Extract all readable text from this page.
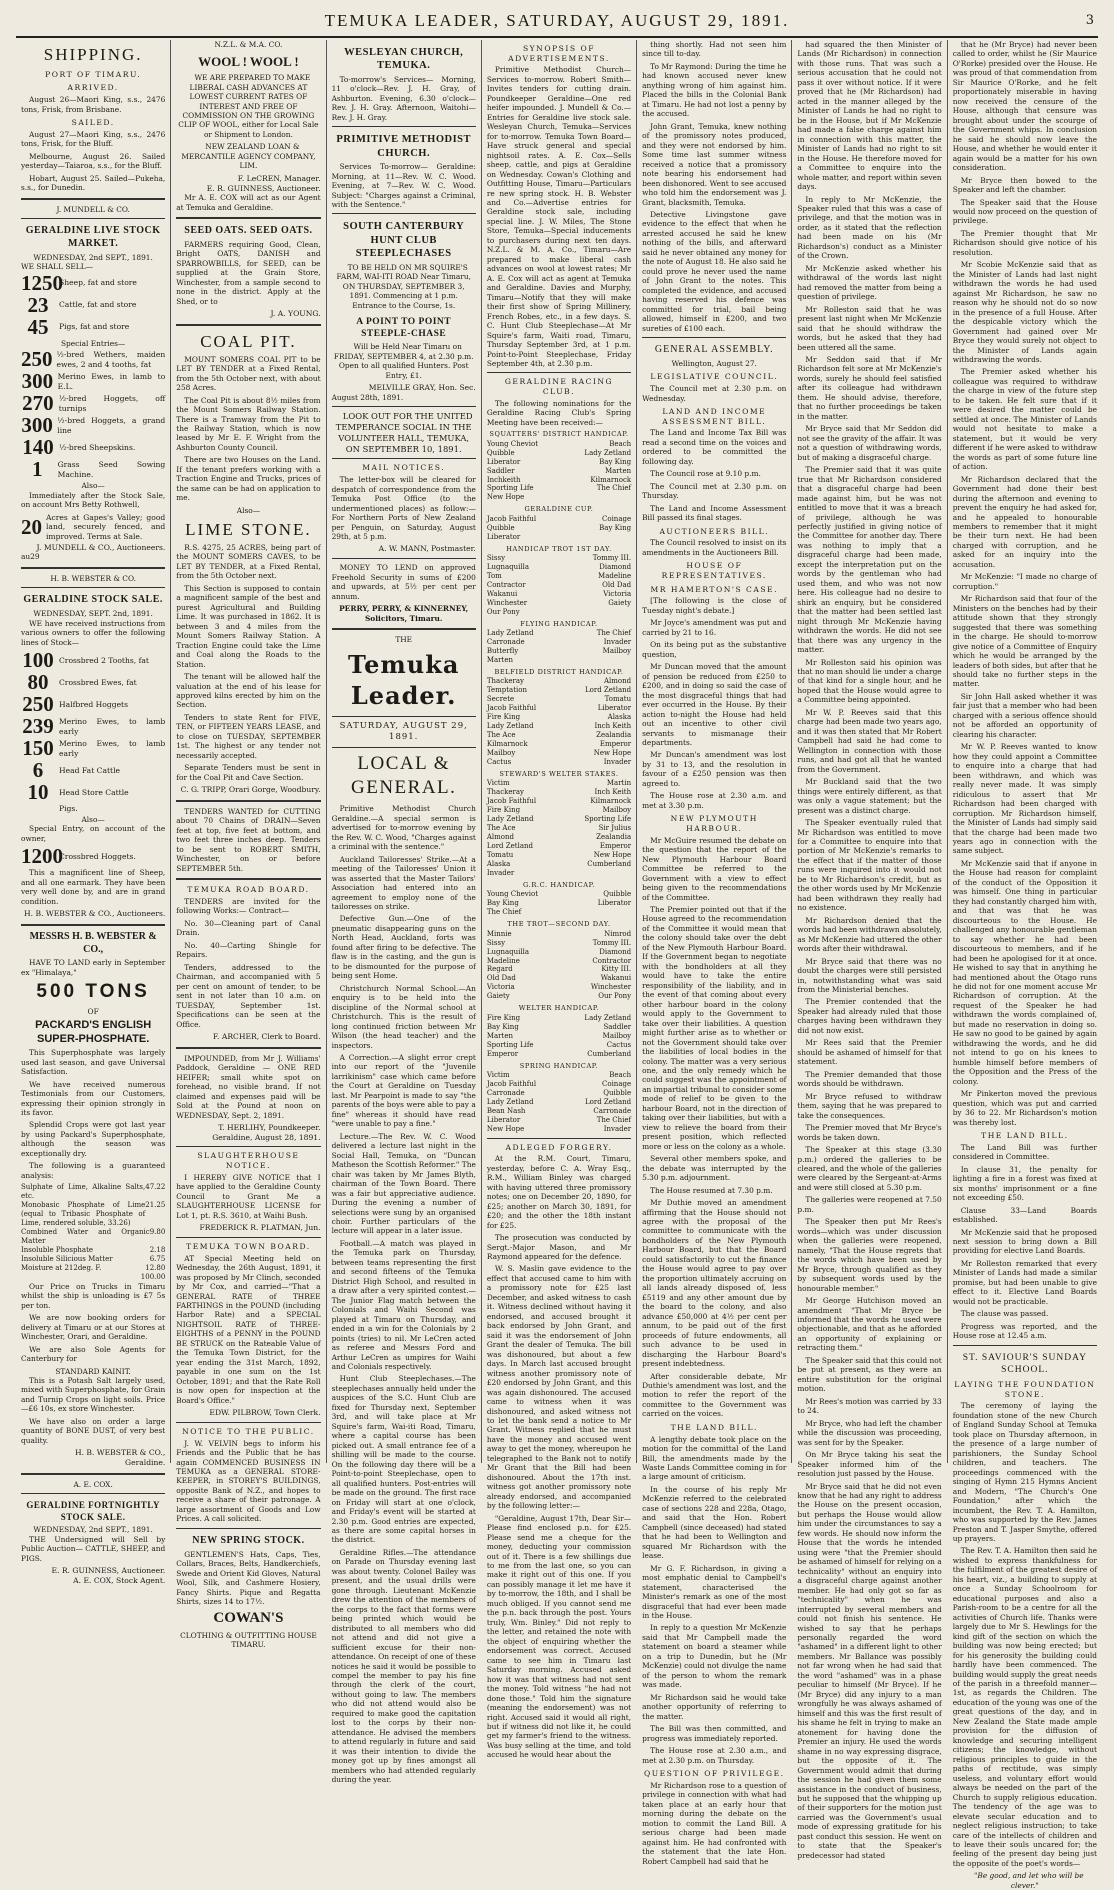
TEMUKA LEADER, SATURDAY, AUGUST 29, 1891.	3
SHIPPING.
PORT OF TIMARU.
ARRIVED.

August 26—Maori King, s.s., 2476 tons, Frisk, from Brisbane.

SAILED.

August 27—Maori King, s.s., 2476 tons, Frisk, for the Bluff.

Melbourne, August 26. Sailed yesterday—Taiaroa, s.s., for the Bluff.

Hobart, August 25. Sailed—Pukeha, s.s., for Dunedin.

J. MUNDELL & CO.
GERALDINE LIVE STOCK MARKET.
WEDNESDAY, 2nd SEPT., 1891.
WE SHALL SELL—
1250
Sheep, fat and store
23	Cattle, fat and store
45	Pigs, fat and store
Special Entries—
250 ½-bred Wethers, maiden ewes, 2 and 4 tooths, fat
300 Merino Ewes, in lamb to E.L.
270 ½-bred Hoggets, off turnips
300 ½-bred Hoggets, a grand line
140 ½-bred Sheepskins.
1	Grass Seed Sowing Machine.
Also—

Immediately after the Stock Sale, on account Mrs Betty Rothwell,

20 Acres at Gapes's Valley; good land, securely fenced, and improved. Terms at Sale.
J. MUNDELL & CO., Auctioneers.
au29
H. B. WEBSTER & CO.
GERALDINE STOCK SALE.
WEDNESDAY, SEPT. 2nd, 1891.

WE have received instructions from various owners to offer the following lines of Stock—

100 Crossbred 2 Tooths, fat
80	Crossbred Ewes, fat
250 Halfbred Hoggets
239 Merino Ewes, to lamb early
150 Merino Ewes, to lamb early
6	Head Fat Cattle
10	Head Store Cattle
Pigs.
Also—

Special Entry, on account of the owner,

1200
Crossbred Hoggets.

This a magnificent line of Sheep, and all one earmark. They have been very well done by, and are in grand condition.

H. B. WEBSTER & CO., Auctioneers.
MESSRS H. B. WEBSTER & CO.,

HAVE TO LAND early in September ex "Himalaya,"

500 TONS
OF
PACKARD'S ENGLISH SUPER-PHOSPHATE.

This Superphosphate was largely used last season, and gave Universal Satisfaction.

We have received numerous Testimonials from our Customers, expressing their opinion strongly in its favor.

Splendid Crops were got last year by using Packard's Superphosphate, although the season was exceptionally dry.

The following is a guaranteed analysis:

Sulphate of Lime, Alkaline Salts, etc.
47.22
Monobasic Phosphate of Lime (equal to Tribasic Phosphate of Lime, rendered soluble, 33.26)
21.25
Combined Water and Organic Matter
9.80
Insoluble Phosphate	2.18
Insoluble Silicious Matter	6.75
Moisture at 212deg. F.	12.80
100.00

Our Price on Trucks in Timaru whilst the ship is unloading is £7 5s per ton.

We are now booking orders for delivery at Timaru or at our Stores at Winchester, Orari, and Geraldine.

We are also Sole Agents for Canterbury for

STANDARD KAINIT.

This is a Potash Salt largely used, mixed with Superphosphate, for Grain and Turnip Crops on light soils. Price—£6 10s, ex store Winchester.

We have also on order a large quantity of BONE DUST, of very best quality.

H. B. WEBSTER & CO.,
Geraldine.
A. E. COX.
GERALDINE FORTNIGHTLY STOCK SALE.
WEDNESDAY, 2nd SEPT., 1891.

THE Undersigned will Sell by Public Auction— CATTLE, SHEEP, and PIGS.

E. R. GUINNESS, Auctioneer.
A. E. COX, Stock Agent.
N.Z.L. & M.A. CO.
WOOL ! WOOL !

WE ARE PREPARED TO MAKE LIBERAL CASH ADVANCES AT LOWEST CURRENT RATES OF INTEREST AND FREE OF COMMISSION ON THE GROWING CLIP OF WOOL, either for Local Sale or Shipment to London.

NEW ZEALAND LOAN & MERCANTILE AGENCY COMPANY, LIM.

F. LeCREN, Manager.
E. R. GUINNESS, Auctioneer.

Mr A. E. COX will act as our Agent at Temuka and Geraldine.

SEED OATS. SEED OATS.

FARMERS requiring Good, Clean, Bright OATS, DANISH and SPARROWBILLS, for SEED, can be supplied at the Grain Store, Winchester, from a sample second to none in the district. Apply at the Shed, or to

J. A. YOUNG.
COAL PIT.

MOUNT SOMERS COAL PIT to be LET BY TENDER at a Fixed Rental, from the 5th October next, with about 258 Acres.

The Coal Pit is about 8½ miles from the Mount Somers Railway Station. There is a Tramway from the Pit to the Railway Station, which is now leased by Mr E. F. Wright from the Ashburton County Council.

There are two Houses on the Land. If the tenant prefers working with a Traction Engine and Trucks, prices of the same can be had on application to me.

Also—
LIME STONE.

R.S. 4275, 25 ACRES, being part of the MOUNT SOMERS CAVES, to be LET BY TENDER, at a Fixed Rental, from the 5th October next.

This Section is supposed to contain a magnificent sample of the best and purest Agricultural and Building Lime. It was purchased in 1862. It is between 3 and 4 miles from the Mount Somers Railway Station. A Traction Engine could take the Lime and Coal along the Roads to the Station.

The tenant will be allowed half the valuation at the end of his lease for approved kilns erected by him on the Section.

Tenders to state Rent for FIVE, TEN, or FIFTEEN YEARS LEASE, and to close on TUESDAY, SEPTEMBER 1st. The highest or any tender not necessarily accepted.

Separate Tenders must be sent in for the Coal Pit and Cave Section.

C. G. TRIPP, Orari Gorge, Woodbury.

TENDERS WANTED for CUTTING about 70 Chains of DRAIN—Seven feet at top, five feet at bottom, and two feet three inches deep. Tenders to be sent to ROBERT SMITH, Winchester, on or before SEPTEMBER 5th.

TEMUKA ROAD BOARD.

TENDERS are invited for the following Works:— Contract—

No. 30—Cleaning part of Canal Drain.

No. 40—Carting Shingle for Repairs.

Tenders, addressed to the Chairman, and accompanied with 5 per cent on amount of tender, to be sent in not later than 10 a.m. on TUESDAY, September 1st. Specifications can be seen at the Office.

F. ARCHER, Clerk to Board.

IMPOUNDED, from Mr J. Williams' Paddock, Geraldine — ONE RED HEIFER; small white spot on forehead, no visible brand. If not claimed and expenses paid will be Sold at the Pound at noon on WEDNESDAY, Sept. 2, 1891.

T. HERLIHY, Poundkeeper. Geraldine, August 28, 1891.
SLAUGHTERHOUSE NOTICE.

I HEREBY GIVE NOTICE that I have applied to the Geraldine County Council to Grant Me a SLAUGHTERHOUSE LICENSE for Lot 1, pt. R.S. 3610, at Waihi Bush.

FREDERICK R. PLATMAN, Jun.
TEMUKA TOWN BOARD.

AT Special Meeting held on Wednesday, the 26th August, 1891, it was proposed by Mr Clinch, seconded by Mr Cox, and carried—"That a GENERAL RATE of THREE FARTHINGS in the POUND (including Harbor Rate) and a SPECIAL NIGHTSOIL RATE of THREE-EIGHTHS of a PENNY in the POUND BE STRUCK on the Rateable Value of the Temuka Town District, for the year ending the 31st March, 1892, payable in one sum on the 1st October, 1891; and that the Rate Roll is now open for inspection at the Board's Office."

EDW. PILBROW, Town Clerk.
NOTICE TO THE PUBLIC.

J. W. VELVIN begs to inform his Friends and the Public that he has again COMMENCED BUSINESS IN TEMUKA as a GENERAL STORE-KEEPER, in STOREY'S BUILDINGS, opposite Bank of N.Z., and hopes to receive a share of their patronage. A large assortment of Goods and Low Prices. A call solicited.

NEW SPRING STOCK.

GENTLEMEN'S Hats, Caps, Ties, Collars, Braces, Belts, Handkerchiefs, Swede and Orient Kid Gloves, Natural Wool, Silk, and Cashmere Hosiery, Fancy Shirts. Pique and Regatta Shirts, sizes 14 to 17½.

COWAN'S
CLOTHING & OUTFITTING HOUSE
TIMARU.
WESLEYAN CHURCH, TEMUKA.

To-morrow's Services— Morning, 11 o'clock—Rev. J. H. Gray, of Ashburton. Evening, 6.30 o'clock—Rev. J. H. Gray. Afternoon, Waitohi—Rev. J. H. Gray.

PRIMITIVE METHODIST CHURCH.

Services To-morrow— Geraldine: Morning, at 11—Rev. W. C. Wood. Evening, at 7—Rev. W. C. Wood. Subject: "Charges against a Criminal, with the Sentence."

SOUTH CANTERBURY HUNT CLUB STEEPLECHASES

TO BE HELD ON MR SQUIRE'S FARM, WAI-ITI ROAD Near Timaru, ON THURSDAY, SEPTEMBER 3, 1891. Commencing at 1 p.m. Entrance to the Course, 1s.

A POINT TO POINT STEEPLE-CHASE

Will be Held Near Timaru on FRIDAY, SEPTEMBER 4, at 2.30 p.m. Open to all qualified Hunters. Post Entry, £1.

MELVILLE GRAY, Hon. Sec.
August 28th, 1891.

LOOK OUT FOR THE UNITED TEMPERANCE SOCIAL IN THE VOLUNTEER HALL, TEMUKA, ON SEPTEMBER 10, 1891.

MAIL NOTICES.

The letter-box will be cleared for despatch of correspondence from the Temuka Post Office (to the undermentioned places) as follow:— For Northern Ports of New Zealand per Penguin, on Saturday, August 29th, at 5 p.m.

A. W. MANN, Postmaster.

MONEY TO LEND on approved Freehold Security in sums of £200 and upwards, at 5½ per cent per annum.

PERRY, PERRY, & KINNERNEY, Solicitors, Timaru.
THE
Temuka Leader.
SATURDAY, AUGUST 29, 1891.
LOCAL & GENERAL.

Primitive Methodist Church Geraldine.—A special sermon is advertised for to-morrow evening by the Rev. W. C. Wood, "Charges against a criminal with the sentence."

Auckland Tailoresses' Strike.—At a meeting of the Tailoresses' Union it was asserted that the Master Tailors' Association had entered into an agreement to employ none of the tailoresses on strike.

Defective Gun.—One of the pneumatic disappearing guns on the North Head, Auckland, forts was found after firing to be defective. The flaw is in the casting, and the gun is to be dismounted for the purpose of being sent Home.

Christchurch Normal School.—An enquiry is to be held into the discipline of the Normal school at Christchurch. This is the result of long continued friction between Mr Wilson (the head teacher) and the inspectors.

A Correction.—A slight error crept into our report of the "Juvenile larrikinism" case which came before the Court at Geraldine on Tuesday last. Mr Pearpoint is made to say "the parents of the boys were able to pay a fine" whereas it should have read "were unable to pay a fine."

Lecture.—The Rev. W. C. Wood delivered a lecture last night in the Social Hall, Temuka, on "Duncan Matheson the Scottish Reformer." The chair was taken by Mr James Blyth, chairman of the Town Board. There was a fair but appreciative audience. During the evening a number of selections were sung by an organised choir. Further particulars of the lecture will appear in a later issue.

Football.—A match was played in the Temuka park on Thursday, between teams representing the first and second fifteens of the Temuka District High School, and resulted in a draw after a very spirited contest.—The Junior Flag match between the Colonials and Waihi Second was played at Timaru on Thursday, and ended in a win for the Colonials by 2 points (tries) to nil. Mr LeCren acted as referee and Messrs Ford and Arthur LeCren as umpires for Waihi and Colonials respectively.

Hunt Club Steeplechases.—The steeplechases annually held under the auspices of the S.C. Hunt Club are fixed for Thursday next, September 3rd, and will take place at Mr Squire's farm, Wai-iti Road, Timaru, where a capital course has been picked out. A small entrance fee of a shilling will be made to the course. On the following day there will be a Point-to-point Steeplechase, open to all qualified hunters. Post-entries will be made on the ground. The first race on Friday will start at one o'clock, and Friday's event will be started at 2.30 p.m. Good entries are expected, as there are some capital horses in the district.

Geraldine Rifles.—The attendance on Parade on Thursday evening last was about twenty. Colonel Bailey was present, and the usual drills were gone through. Lieutenant McKenzie drew the attention of the members of the corps to the fact that forms were being printed which would be distributed to all members who did not attend and did not give a sufficient excuse for their non-attendance. On receipt of one of these notices he said it would be possible to compel the member to pay his fine through the clerk of the court, without going to law. The members who did not attend would also be required to make good the capitation lost to the corps by their non-attendance. He advised the members to attend regularly in future and said it was their intention to divide the money got up by fines amongst all members who had attended regularly during the year.

SYNOPSIS OF ADVERTISEMENTS.

Primitive Methodist Church—Services to-morrow. Robert Smith—Invites tenders for cutting drain. Poundkeeper Geraldine—One red heifer impounded. J. Mundell & Co.—Entries for Geraldine live stock sale. Wesleyan Church, Temuka—Services for to-morrow. Temuka Town Board—Have struck general and special nightsoil rates. A. E. Cox—Sells sheep, cattle, and pigs at Geraldine on Wednesday. Cowan's Clothing and Outfitting House, Timaru—Particulars re new spring stock. H. B. Webster and Co.—Advertise entries for Geraldine stock sale, including special line. J. W. Miles, The Stone Store, Temuka—Special inducements to purchasers during next ten days. N.Z.L. & M. A. Co., Timaru—Are prepared to make liberal cash advances on wool at lowest rates; Mr A. E. Cox will act as agent at Temuka and Geraldine. Davies and Murphy, Timaru—Notify that they will make their first show of Spring Millinery, French Robes, etc., in a few days. S. C. Hunt Club Steeplechase—At Mr Squire's farm, Waiti road, Timaru, Thursday September 3rd, at 1 p.m. Point-to-Point Steeplechase, Friday September 4th, at 2.30 p.m.

GERALDINE RACING CLUB.

The following nominations for the Geraldine Racing Club's Spring Meeting have been received:—

SQUATTERS' DISTRICT HANDICAP.
Young Cheviot	Beach
Quibble	Lady Zetland
Liberator	Bay King
Saddler	Marten
Inchkeith	Kilmarnock
Sporting Life	The Chief
New Hope	
GERALDINE CUP.
Jacob Faithful	Coinage
Quibble	Bay King
Liberator	
HANDICAP TROT 1ST DAY.
Sissy	Tommy III.
Lugnaquilla	Diamond
Tom	Madeline
Contractor	Old Dad
Wakanui	Victoria
Winchester	Gaiety
Our Pony	
FLYING HANDICAP.
Lady Zetland	The Chief
Carronade	Invader
Butterfly	Mailboy
Marten	
BELFIELD DISTRICT HANDICAP.
Thackeray	Almond
Temptation	Lord Zetland
Secrete	Tomatu
Jacob Faithful	Liberator
Fire King	Alaska
Lady Zetland	Inch Keith
The Ace	Zealandia
Kilmarnock	Emperor
Mailboy	New Hope
Cactus	Invader
STEWARD'S WELTER STAKES.
Victim	Martin
Thackeray	Inch Keith
Jacob Faithful	Kilmarnock
Fire King	Mailboy
Lady Zetland	Sporting Life
The Ace	Sir Julius
Almond	Zealandia
Lord Zetland	Emperor
Tomatu	New Hope
Alaska	Cumberland
Invader	
G.R.C. HANDICAP.
Young Cheviot	Quibble
Bay King	Liberator
The Chief	
THE TROT—SECOND DAY.
Minnie	Nimrod
Sissy	Tommy III.
Lugnaquilla	Diamond
Madeline	Contractor
Regard	Kitty III.
Old Dad	Wakanui
Victoria	Winchester
Gaiety	Our Pony
WELTER HANDICAP.
Fire King	Lady Zetland
Bay King	Saddler
Marten	Mailboy
Sporting Life	Cactus
Emperor	Cumberland
SPRING HANDICAP.
Victim	Beach
Jacob Faithful	Coinage
Carronade	Quibble
Lady Zetland	Lord Zetland
Bean Nash	Carronade
Liberator	The Chief
New Hope	Invader
ADLEGED FORGERY.

At the R.M. Court, Timaru, yesterday, before C. A. Wray Esq., R.M., William Binley was charged with having uttered three promissory notes; one on December 20, 1890, for £25; another on March 30, 1891, for £20; and the other the 18th instant for £25.

The prosecution was conducted by Sergt.-Major Mason, and Mr Raymond appeared for the defence.

W. S. Maslin gave evidence to the effect that accused came to him with a promissory note for £25 last December, and asked witness to cash it. Witness declined without having it endorsed, and accused brought it back endorsed by John Grant, and said it was the endorsement of John Grant the dealer of Temuka. The bill was dishonoured, but about a few days. In March last accused brought witness another promissory note of £20 endorsed by John Grant, and this was again dishonoured. The accused came to witness when it was dishonoured, and asked witness not to let the bank send a notice to Mr Grant. Witness replied that he must have the money and accused went away to get the money, whereupon he telegraphed to the Bank not to notify Mr Grant that the Bill had been dishonoured. About the 17th inst. witness got another promissory note already endorsed, and accompanied by the following letter:—

"Geraldine, August 17th, Dear Sir—Please find enclosed p.n. for £25. Please send me a cheque for the money, deducting your commission out of it. There is a few shillings due to me from the last one, so you can make it right out of this one. If you can possibly manage it let me have it by to-morrow, the 18th, and I shall be much obliged. If you cannot send me the p.n. back through the post. Yours truly, Wm. Binley." Did not reply to the letter, and retained the note with the object of enquiring whether the endorsement was correct. Accused came to see him in Timaru last Saturday morning. Accused asked how it was that witness had not sent the money. Told witness "he had not done those." Told him the signature (meaning the endorsement) was not right. Accused said it would all right, but if witness did not like it, he could get my farmer's friend to the witness. Was busy selling at the time, and told accused he would hear about the

thing shortly. Had not seen him since till to-day.

To Mr Raymond: During the time he had known accused never knew anything wrong of him against him. Placed the bills in the Colonial Bank at Timaru. He had not lost a penny by the accused.

John Grant, Temuka, knew nothing of the promissory notes produced, and they were not endorsed by him. Some time last summer witness received a notice that a promissory note bearing his endorsement had been dishonored. Went to see accused who told him the endorsement was J. Grant, blacksmith, Temuka.

Detective Livingstone gave evidence to the effect that when he arrested accused he said he knew nothing of the bills, and afterward said he never obtained any money for the note of August 18. He also said he could prove he never used the name of John Grant to the notes. This completed the evidence, and accused having reserved his defence was committed for trial, bail being allowed, himself in £200, and two sureties of £100 each.

GENERAL ASSEMBLY.
Wellington, August 27.
LEGISLATIVE COUNCIL.

The Council met at 2.30 p.m. on Wednesday.

LAND AND INCOME ASSESSMENT BILL.

The Land and Income Tax Bill was read a second time on the voices and ordered to be committed the following day.

The Council rose at 9.10 p.m.

The Council met at 2.30 p.m. on Thursday.

The Land and Income Assessment Bill passed its final stages.

AUCTIONEERS BILL.

The Council resolved to insist on its amendments in the Auctioneers Bill.

HOUSE OF REPRESENTATIVES.
MR HAMERTON'S CASE.

[The following is the close of Tuesday night's debate.]

Mr Joyce's amendment was put and carried by 21 to 16.

On its being put as the substantive question,

Mr Duncan moved that the amount of pension be reduced from £250 to £200, and in doing so said the case of the most disgraceful things that had ever occurred in the House. By their action to-night the House had held out an incentive to other civil servants to mismanage their departments.

Mr Duncan's amendment was lost by 31 to 13, and the resolution in favour of a £250 pension was then agreed to.

The House rose at 2.30 a.m. and met at 3.30 p.m.

NEW PLYMOUTH HARBOUR.

Mr McGuire resumed the debate on the question that the report of the New Plymouth Harbour Board Committee be referred to the Government with a view to effect being given to the recommendations of the Committee.

The Premier pointed out that if the House agreed to the recommendation of the Committee it would mean that the colony should take over the debt of the New Plymouth Harbour Board. If the Government began to negotiate with the bondholders at all they would have to take the entire responsibility of the liability, and in the event of that coming about every other harbour board in the colony would apply to the Government to take over their liabilities. A question might further arise as to whether or not the Government should take over the liabilities of local bodies in the colony. The matter was a very serious one, and the only remedy which he could suggest was the appointment of an impartial tribunal to consider some mode of relief to be given to the harbour Board, not in the direction of taking over their liabilities, but with a view to relieve the board from their present position, which reflected more or less on the colony as a whole.

Several other members spoke, and the debate was interrupted by the 5.30 p.m. adjournment.

The House resumed at 7.30 p.m.

Mr Duthie moved an amendment affirming that the House should not agree with the proposal of the committee to communicate with the bondholders of the New Plymouth Harbour Board, but that the Board could satisfactorily to cut the finance the House would agree to pay over the proportion ultimately accruing on all lands already disposed of, less £5119 and any other amount due by the board to the colony, and also advance £50,000 at 4½ per cent per annum, to be paid out of the first proceeds of future endowments, all such advance to be used in discharging the Harbour Board's present indebtedness.

After considerable debate, Mr Duthie's amendment was lost, and the motion to refer the report of the committee to the Government was carried on the voices.

THE LAND BILL.

A lengthy debate took place on the motion for the committal of the Land Bill, the amendments made by the Waste Lands Committee coming in for a large amount of criticism.

In the course of his reply Mr McKenzie referred to the celebrated case of sections 228 and 228a, Otago, and said that the Hon. Robert Campbell (since deceased) had stated that he had been to Wellington and squared Mr Richardson with the lease.

Mr G. F. Richardson, in giving a most emphatic denial to Campbell's statement, characterised the Minister's remark as one of the most disgraceful that had ever been made in the House.

In reply to a question Mr McKenzie said that Mr Campbell made the statement on board a steamer while on a trip to Dunedin, but he (Mr McKenzie) could not divulge the name of the person to whom the remark was made.

Mr Richardson said he would take another opportunity of referring to the matter.

The Bill was then committed, and progress was immediately reported.

The House rose at 2.30 a.m., and met at 2.30 p.m. on Thursday.

QUESTION OF PRIVILEGE.

Mr Richardson rose to a question of privilege in connection with what had taken place at an early hour that morning during the debate on the motion to commit the Land Bill. A serious charge had been made against him. He had confronted with the statement that the late Hon. Robert Campbell had said that he

had squared the then Minister of Lands (Mr Richardson) in connection with those runs. That was such a serious accusation that he could not pass it over without notice. If it were proved that he (Mr Richardson) had acted in the manner alleged by the Minister of Lands he had no right to be in the House, but if Mr McKenzie had made a false charge against him in connection with this matter, the Minister of Lands had no right to sit in the House. He therefore moved for a Committee to enquire into the whole matter, and report within seven days.

In reply to Mr McKenzie, the Speaker ruled that this was a case of privilege, and that the motion was in order, as it stated that the reflection had been made on his (Mr Richardson's) conduct as a Minister of the Crown.

Mr McKenzie asked whether his withdrawal of the words last night had removed the matter from being a question of privilege.

Mr Rolleston said that he was present last night when Mr McKenzie said that he should withdraw the words, but he asked that they had been uttered all the same.

Mr Seddon said that if Mr Richardson felt sore at Mr McKenzie's words, surely he should feel satisfied after its colleague had withdrawn them. He should advise, therefore, that no further proceedings be taken in the matter.

Mr Bryce said that Mr Seddon did not see the gravity of the affair. It was not a question of withdrawing words, but of making a disgraceful charge.

The Premier said that it was quite true that Mr Richardson considered that a disgraceful charge had been made against him, but he was not entitled to move that it was a breach of privilege, although he was perfectly justified in giving notice of the Committee for another day. There was nothing to imply that a disgraceful charge had been made, except the interpretation put on the words by the gentleman who had used them, and who was not now here. His colleague had no desire to shirk an enquiry, but he considered that the matter had been settled last night through Mr McKenzie having withdrawn the words. He did not see that there was any urgency in the matter.

Mr Rolleston said his opinion was that no man should lie under a charge of that kind for a single hour, and he hoped that the House would agree to a Committee being appointed.

Mr W. P. Reeves said that this charge had been made two years ago, and it was then stated that Mr Robert Campbell had said he had come to Wellington in connection with those runs, and had got all that he wanted from the Government.

Mr Buckland said that the two things were entirely different, as that was only a vague statement; but the present was a distinct charge.

The Speaker eventually ruled that Mr Richardson was entitled to move for a Committee to enquire into that portion of Mr McKenzie's remarks to the effect that if the matter of those runs were inquired into it would not be to Mr Richardson's credit, but as the other words used by Mr McKenzie had been withdrawn they really had no existence.

Mr Richardson denied that the words had been withdrawn absolutely, as Mr McKenzie had uttered the other words after their withdrawal.

Mr Bryce said that there was no doubt the charges were still persisted in, notwithstanding what was said from the Ministerial benches.

The Premier contended that the Speaker had already ruled that those charges having been withdrawn they did not now exist.

Mr Rees said that the Premier should be ashamed of himself for that statement.

The Premier demanded that those words should be withdrawn.

Mr Bryce refused to withdraw them, saying that he was prepared to take the consequences.

The Premier moved that Mr Bryce's words be taken down.

The Speaker at this stage (3.30 p.m.) ordered the galleries to be cleared, and the whole of the galleries were cleared by the Sergeant-at-Arms and were still closed at 5.30 p.m.

The galleries were reopened at 7.50 p.m.

The Speaker then put Mr Rees's words—which was under discussion when the galleries were reopened, namely, "That the House regrets that the words which have been used by Mr Bryce, through qualified as they by subsequent words used by the honourable member."

Mr George Hutchison moved an amendment "That Mr Bryce be informed that the words he used were objectionable, and that as he afforded an opportunity of explaining or retracting them."

The Speaker said that this could not be put at present, as they were an entire substitution for the original motion.

Mr Rees's motion was carried by 33 to 24.

Mr Bryce, who had left the chamber while the discussion was proceeding, was sent for by the Speaker.

On Mr Bryce taking his seat the Speaker informed him of the resolution just passed by the House.

Mr Bryce said that he did not even know that he had any right to address the House on the present occasion, but perhaps the House would allow him under the circumstances to say a few words. He should now inform the House that the words he intended using were "that the Premier should be ashamed of himself for relying on a technicality" without an enquiry into a disgraceful charge against another member. He had only got so far as "technicality" when he was interrupted by several members and could not finish his sentence. He wished to say that he perhaps personally regarded the word "ashamed" in a different light to other members. Mr Ballance was possibly not far wrong when he had said that the word "ashamed" was in a phase peculiar to himself (Mr Bryce). If he (Mr Bryce) did any injury to a man wrongfully he was always ashamed of himself and this was the first result of his shame he felt in trying to make an atonement for having done the Premier an injury. He used the words shame in no way expressing disgrace, but the opposite of it. The Government would admit that during the session he had given them some assistance in the conduct of business, but he supposed that the whipping up of their supporters for the motion just carried was the Government's usual mode of expressing gratitude for his past conduct this session. He went on to state that the Speaker's predecessor had stated

that he (Mr Bryce) had never been called to order, whilst he (Sir Maurice O'Rorke) presided over the House. He was proud of that commendation from Sir Maurice O'Rorke, and he felt proportionately miserable in having now received the censure of the House, although that censure was brought about under the scourge of the Government whips. In conclusion he said he should now leave the House, and whether he would enter it again would be a matter for his own consideration.

Mr Bryce then bowed to the Speaker and left the chamber.

The Speaker said that the House would now proceed on the question of privilege.

The Premier thought that Mr Richardson should give notice of his resolution.

Mr Scobie McKenzie said that as the Minister of Lands had last night withdrawn the words he had used against Mr Richardson, he saw no reason why he should not do so now in the presence of a full House. After the despicable victory which the Government had gained over Mr Bryce they would surely not object to the Minister of Lands again withdrawing the words.

The Premier asked whether his colleague was required to withdraw the charge in view of the future step to be taken. He felt sure that if it were desired the matter could be settled at once. The Minister of Lands would not hesitate to make a statement, but it would be very different if he were asked to withdraw the words as part of some future line of action.

Mr Richardson declared that the Government had done their best during the afternoon and evening to prevent the enquiry he had asked for, and he appealed to honourable members to remember that it might be their turn next. He had been charged with corruption, and he asked for an inquiry into the accusation.

Mr McKenzie: "I made no charge of corruption."

Mr Richardson said that four of the Ministers on the benches had by their attitude shown that they strongly suggested that there was something in the charge. He should to-morrow give notice of a Committee of Enquiry which he would be arranged by the leaders of both sides, but after that he should take no further steps in the matter.

Sir John Hall asked whether it was fair just that a member who had been charged with a serious offence should not be afforded an opportunity of clearing his character.

Mr W. P. Reeves wanted to know how they could appoint a Committee to enquire into a charge that had been withdrawn, and which was really never made. It was simply ridiculous to assert that Mr Richardson had been charged with corruption. Mr Richardson himself, the Minister of Lands had simply said that the charge had been made two years ago in connection with the same subject.

Mr McKenzie said that if anyone in the House had reason for complaint of the conduct of the Opposition it was himself. One thing in particular they had constantly charged him with, and that was that he was discourteous to the House. He challenged any honourable gentleman to say whether he had been discourteous to members, and if he had been he apologised for it at once. He wished to say that in anything he had mentioned about the Otago runs he did not for one moment accuse Mr Richardson of corruption. At the request of the Speaker he had withdrawn the words complained of, but made no reservation in doing so. He saw no good to be gained by again withdrawing the words, and he did not intend to go on his knees to humble himself before members of the Opposition and the Press of the colony.

Mr Pinkerton moved the previous question, which was put and carried by 36 to 22. Mr Richardson's motion was thereby lost.

THE LAND BILL.

The Land Bill was further considered in Committee.

In clause 31, the penalty for lighting a fire in a forest was fixed at six months' imprisonment or a fine not exceeding £50.

Clause 33—Land Boards established.

Mr McKenzie said that he proposed next session to bring down a Bill providing for elective Land Boards.

Mr Rolleston remarked that every Minister of Lands had made a similar promise, but had been unable to give effect to it. Elective Land Boards would not be practicable.

The clause was passed.

Progress was reported, and the House rose at 12.45 a.m.

ST. SAVIOUR'S SUNDAY SCHOOL.
LAYING THE FOUNDATION STONE.

The ceremony of laying the foundation stone of the new Church of England Sunday School at Temuka took place on Thursday afternoon, in the presence of a large number of parishioners, the Sunday School children, and teachers. The proceedings commenced with the singing of Hymn 215 Hymns Ancient and Modern, "The Church's One Foundation," after which the incumbent, the Rev. T. A. Hamilton, who was supported by the Rev. James Preston and T. Jasper Smythe, offered up prayers.

The Rev. T. A. Hamilton then said he wished to express thankfulness for the fulfilment of the greatest desire of his heart, viz., a building to supply at once a Sunday Schoolroom for educational purposes and also a Parish-room to be a centre for all the activities of Church life. Thanks were largely due to Mr S. Hewlings for the kind gift of the section on which the building was now being erected; but for his generosity the building could hardly have been commenced. The building would supply the great needs of the parish in a threefold manner—1st, as regards the Children. The education of the young was one of the great questions of the day, and in New Zealand the State made ample provision for the diffusion of knowledge and securing intelligent citizens; the knowledge, without religious principles to guide in the paths of rectitude, was simply useless, and voluntary effort would always be needed on the part of the Church to supply religious education. The tendency of the age was to elevate secular education and to neglect religious instruction; to take care of the intellects of children and to leave their souls uncared for; the feeling of the present day being just the opposite of the poet's words—

"Be good, and let who will be clever."
